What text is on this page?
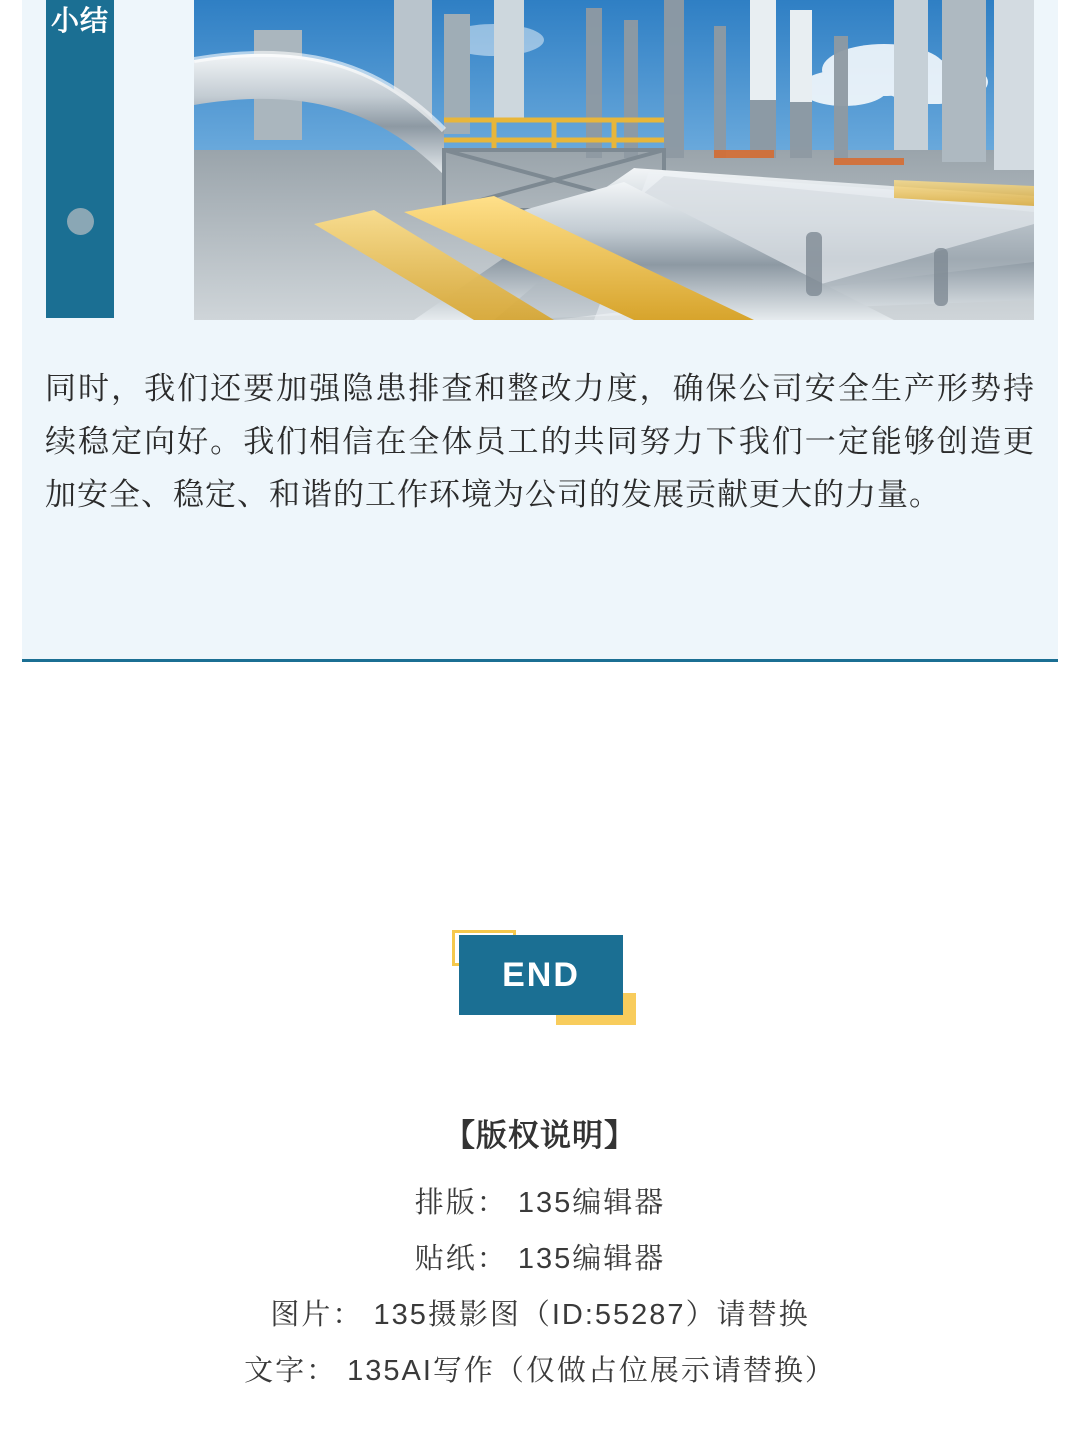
小结
同时，我们还要加强隐患排查和整改力度，确保公司安全生产形势持续稳定向好。我们相信在全体员工的共同努力下我们一定能够创造更加安全、稳定、和谐的工作环境为公司的发展贡献更大的力量。
END
【版权说明】
排版： 135编辑器
贴纸： 135编辑器
图片： 135摄影图（ID:55287）请替换
文字： 135AI写作（仅做占位展示请替换）
